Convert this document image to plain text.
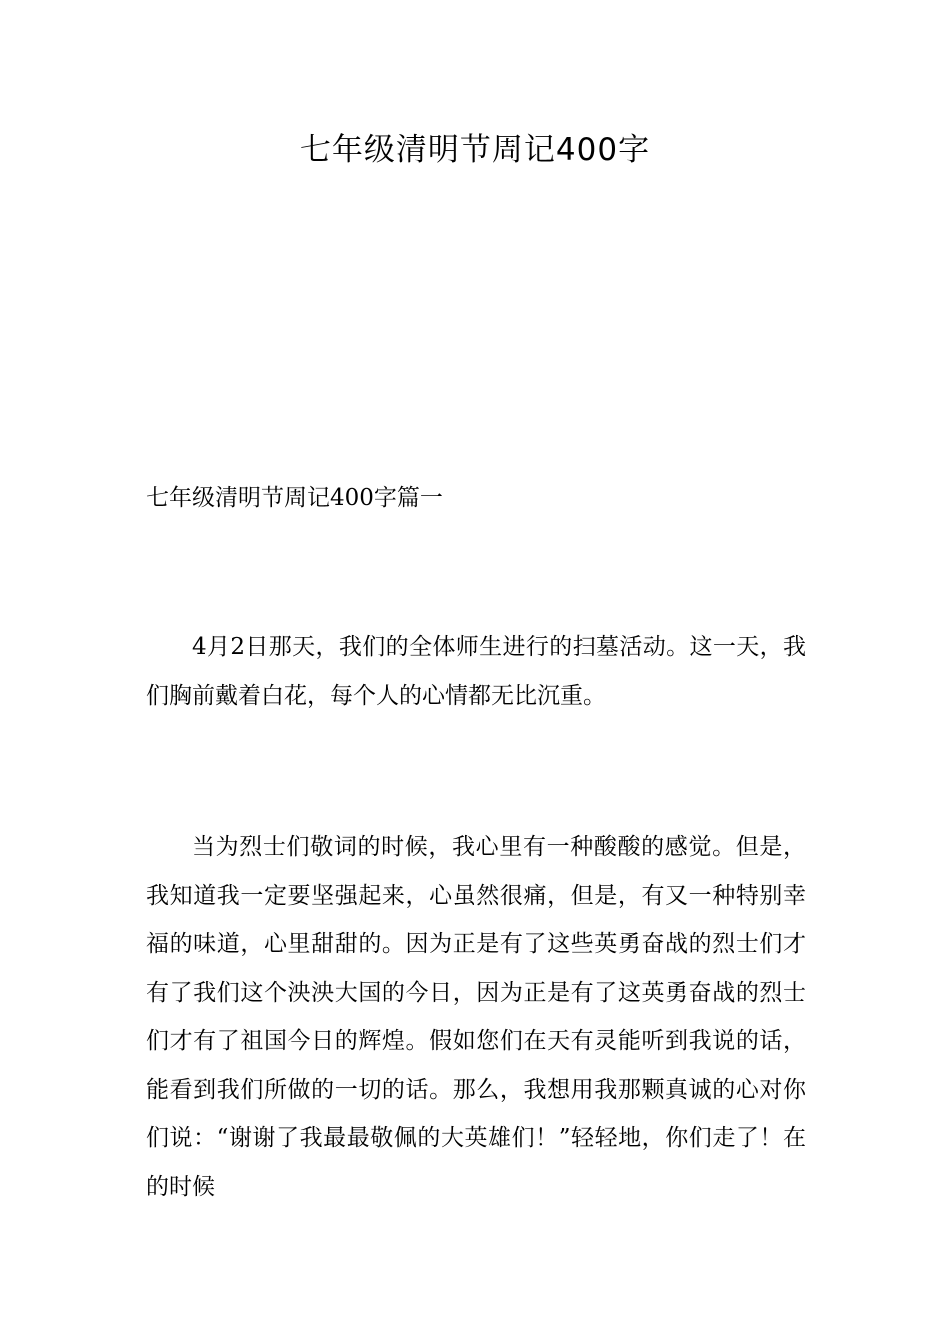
七年级清明节周记400字
七年级清明节周记400字篇一

4月2日那天，我们的全体师生进行的扫墓活动。这一天，我们胸前戴着白花，每个人的心情都无比沉重。

当为烈士们敬词的时候，我心里有一种酸酸的感觉。但是，我知道我一定要坚强起来，心虽然很痛，但是，有又一种特别幸福的味道，心里甜甜的。因为正是有了这些英勇奋战的烈士们才有了我们这个泱泱大国的今日，因为正是有了这英勇奋战的烈士们才有了祖国今日的辉煌。假如您们在天有灵能听到我说的话，能看到我们所做的一切的话。那么，我想用我那颗真诚的心对你们说：“谢谢了我最最敬佩的大英雄们！”轻轻地，你们走了！在的时候
